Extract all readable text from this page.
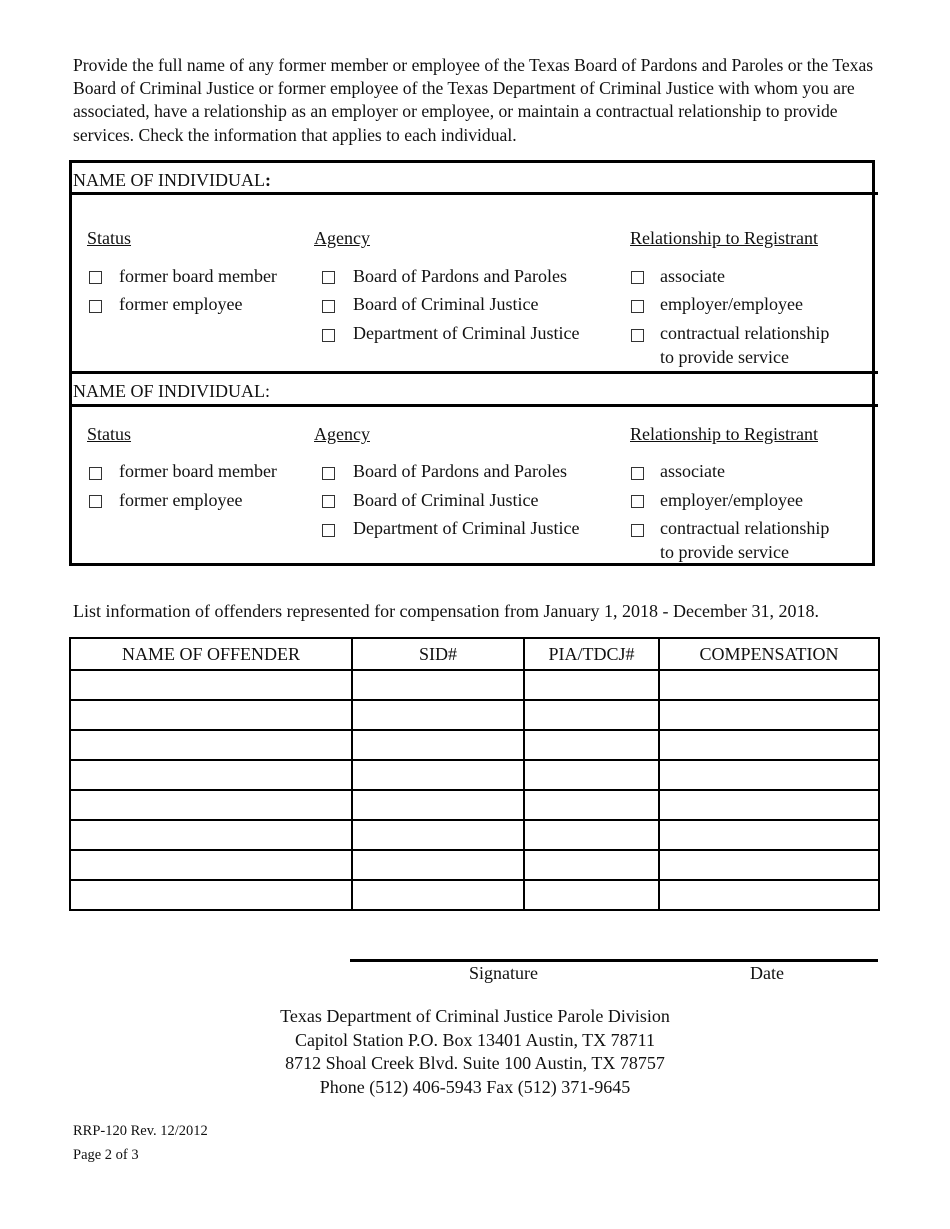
Provide the full name of any former member or employee of the Texas Board of Pardons and Paroles or the Texas Board of Criminal Justice or former employee of the Texas Department of Criminal Justice with whom you are associated, have a relationship as an employer or employee, or maintain a contractual relationship to provide services. Check the information that applies to each individual.
NAME OF INDIVIDUAL:
Status
former board member
former employee
Agency
Board of Pardons and Paroles
Board of Criminal Justice
Department of Criminal Justice
Relationship to Registrant
associate
employer/employee
contractual relationship
to provide service
NAME OF INDIVIDUAL:
Status
former board member
former employee
Agency
Board of Pardons and Paroles
Board of Criminal Justice
Department of Criminal Justice
Relationship to Registrant
associate
employer/employee
contractual relationship
to provide service
List information of offenders represented for compensation from January 1, 2018 - December 31, 2018.
NAME OF OFFENDER	SID#	PIA/TDCJ#	COMPENSATION

Signature	Date
Texas Department of Criminal Justice Parole Division
Capitol Station P.O. Box 13401 Austin, TX 78711
8712 Shoal Creek Blvd. Suite 100 Austin, TX 78757
Phone (512) 406-5943 Fax (512) 371-9645
RRP-120 Rev. 12/2012
Page 2 of 3
